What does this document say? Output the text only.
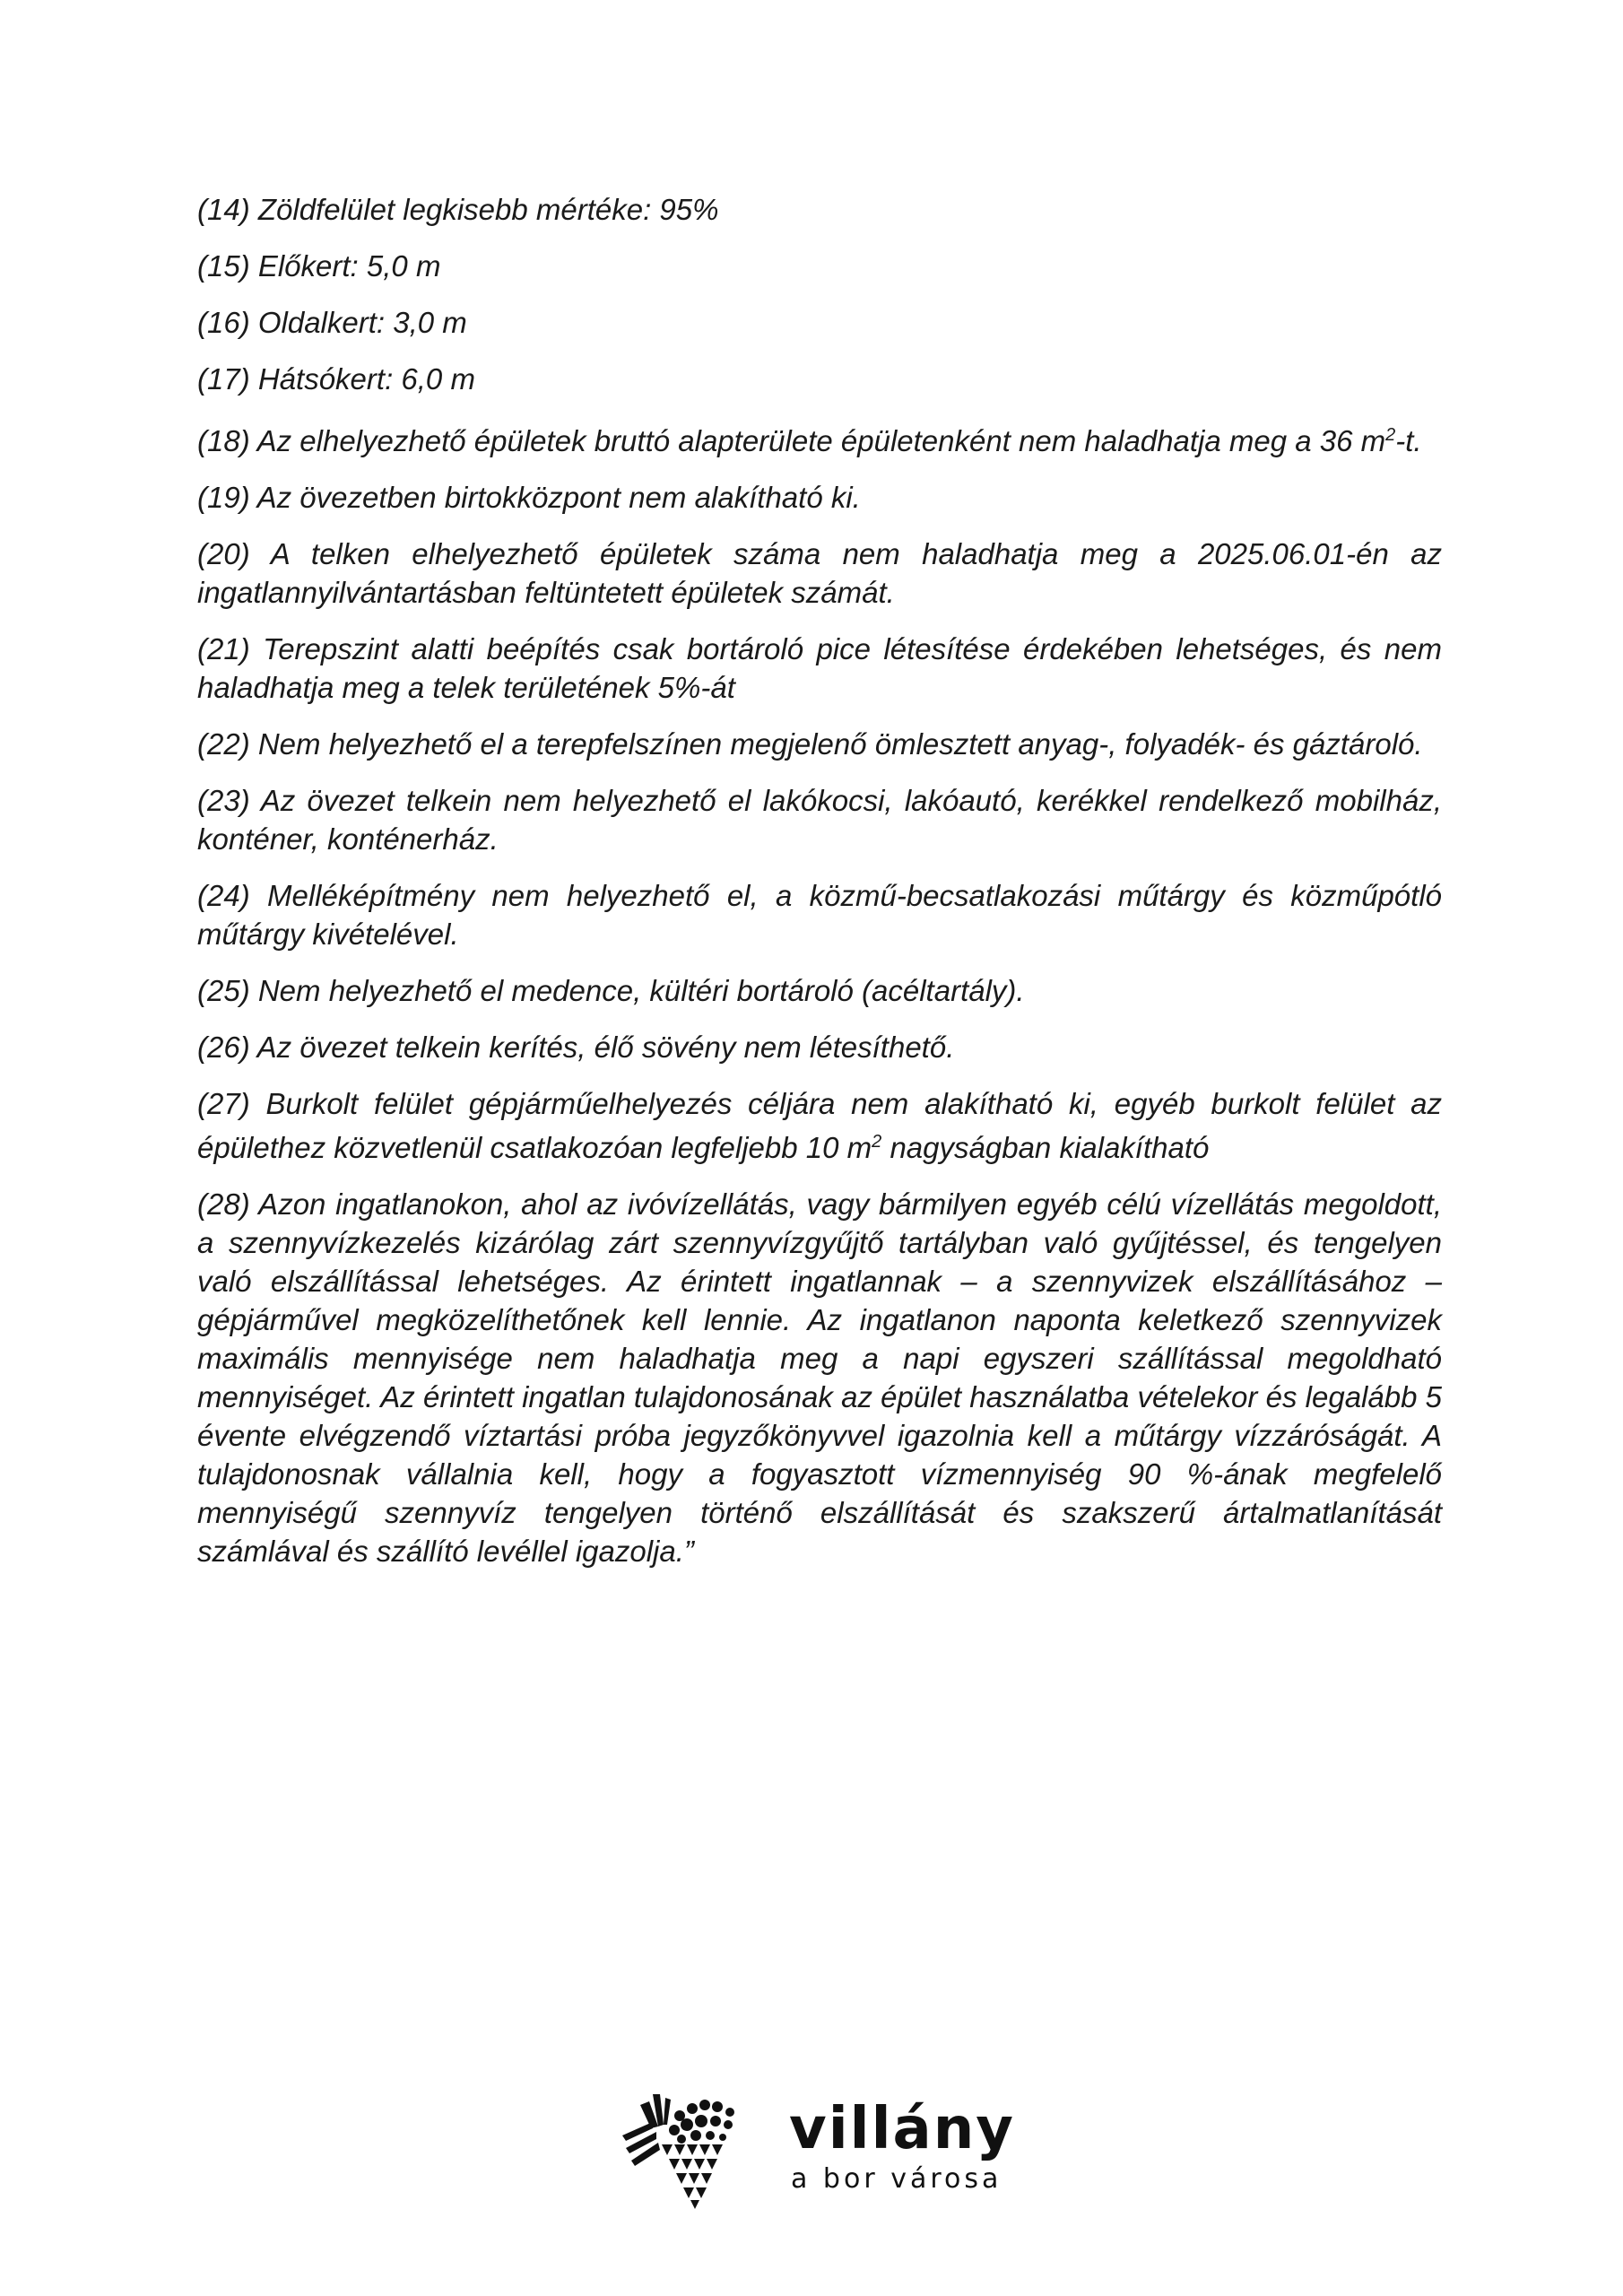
(14) Zöldfelület legkisebb mértéke: 95%

(15) Előkert: 5,0 m

(16) Oldalkert: 3,0 m

(17) Hátsókert: 6,0 m

(18) Az elhelyezhető épületek bruttó alapterülete épületenként nem haladhatja meg a 36 $m^2-t$.

(19) Az övezetben birtokközpont nem alakítható ki.

(20) A telken elhelyezhető épületek száma nem haladhatja meg a 2025.06.01-én az ingatlannyilvántartásban feltüntetett épületek számát.

(21) Terepszint alatti beépítés csak bortároló pice létesítése érdekében lehetséges, és nem haladhatja meg a telek területének 5%-át

(22) Nem helyezhető el a terepfelszínen megjelenő ömlesztett anyag-, folyadék- és gáztároló.

(23) Az övezet telkein nem helyezhető el lakókocsi, lakóautó, kerékkel rendelkező mobilház, konténer, konténerház.

(24) Melléképítmény nem helyezhető el, a közmű-becsatlakozási műtárgy és közműpótló műtárgy kivételével.

(25) Nem helyezhető el medence, kültéri bortároló (acéltartály).

(26) Az övezet telkein kerítés, élő sövény nem létesíthető.

(27) Burkolt felület gépjárműelhelyezés céljára nem alakítható ki, egyéb burkolt felület az épülethez közvetlenül csatlakozóan legfeljebb 10 $m^2$ nagyságban kialakítható

(28) Azon ingatlanokon, ahol az ivóvízellátás, vagy bármilyen egyéb célú vízellátás megoldott, a szennyvízkezelés kizárólag zárt szennyvízgyűjtő tartályban való gyűjtéssel, és tengelyen való elszállítással lehetséges. Az érintett ingatlannak – a szennyvizek elszállításához – gépjárművel megközelíthetőnek kell lennie. Az ingatlanon naponta keletkező szennyvizek maximális mennyisége nem haladhatja meg a napi egyszeri szállítással megoldható mennyiséget. Az érintett ingatlan tulajdonosának az épület használatba vételekor és legalább 5 évente elvégzendő víztartási próba jegyzőkönyvvel igazolnia kell a műtárgy vízzáróságát. A tulajdonosnak vállalnia kell, hogy a fogyasztott vízmennyiség 90 %-ának megfelelő mennyiségű szennyvíz tengelyen történő elszállítását és szakszerű ártalmatlanítását számlával és szállító levéllel igazolja.”

villány
a bor városa
